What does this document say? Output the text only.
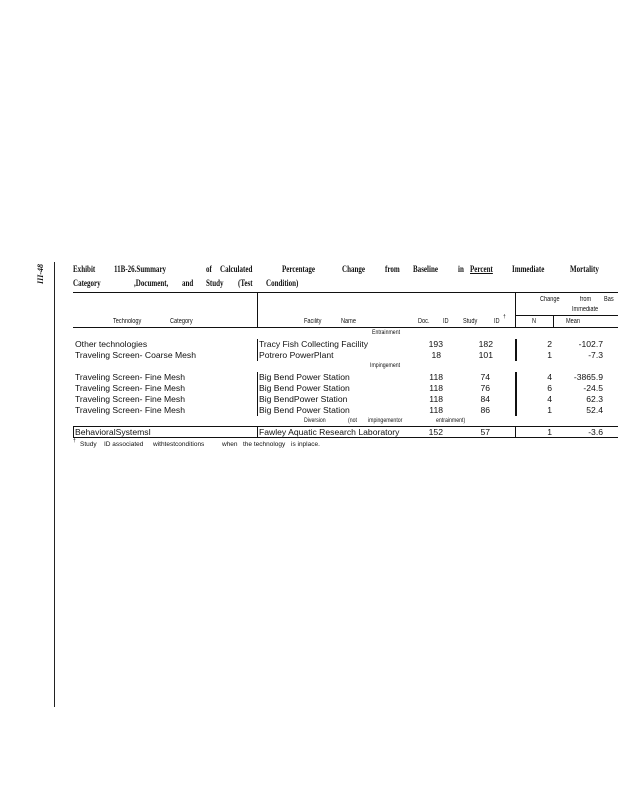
III-48	Exhibit 11B-26.Summary	of Calculated	Percentage	Change from Baseline in Percent Immediate	Mortality
Category	,Document, and Study (Test Condition)
Change	from Bas
Immediate
Technology	Category	Facility	Name	Doc. ID Study ID
†
N	Mean
Entrainment
Other technologies	Tracy Fish Collecting Facility	193	182	2	-102.7
Traveling Screen- Coarse Mesh	Potrero PowerPlant	18	101	1	-7.3
Impingement
Traveling Screen- Fine Mesh	Big Bend Power Station	118	74	4	-3865.9
Traveling Screen- Fine Mesh	Big Bend Power Station	118	76	6	-24.5
Traveling Screen- Fine Mesh	Big BendPower Station	118	84	4	62.3
Traveling Screen- Fine Mesh	Big Bend Power Station	118	86	1	52.4
Diversion	(not impingementor	entrainment)
BehavioralSystemsI	Fawley Aquatic Research Laboratory	152	57	1	-3.6
† Study ID associated withtestconditions	when the technology is inplace.
